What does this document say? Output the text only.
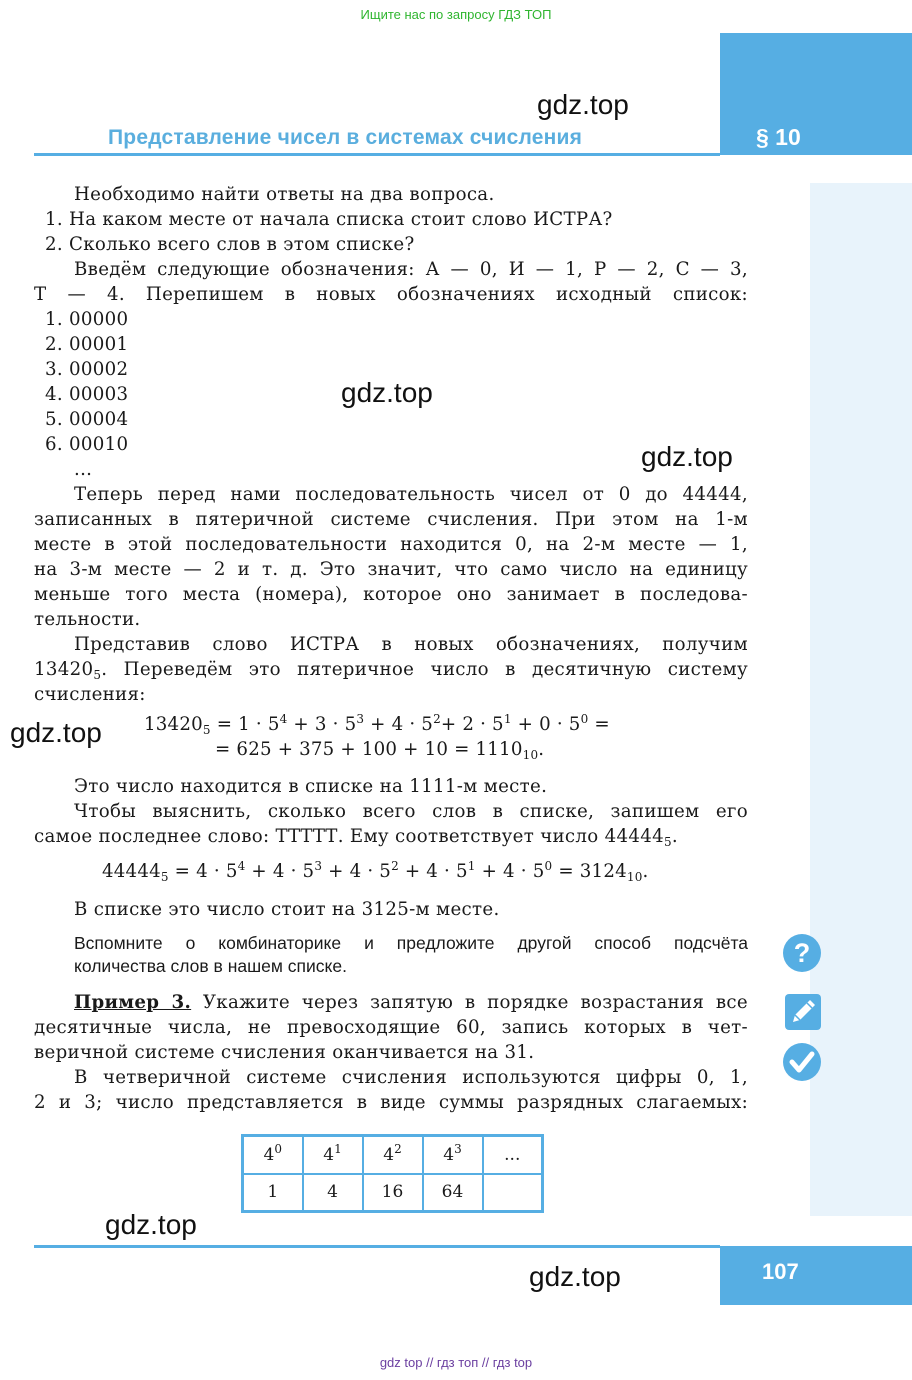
Ищите нас по запросу ГДЗ ТОП
§ 10
Представление чисел в системах счисления
gdz.top
gdz.top
gdz.top
gdz.top
gdz.top
gdz.top
Необходимо найти ответы на два вопроса.
1. На каком месте от начала списка стоит слово ИСТРА?
2. Сколько всего слов в этом списке?
Введём следующие обозначения: А — 0, И — 1, Р — 2, С — 3,
Т — 4. Перепишем в новых обозначениях исходный список:
1. 00000
2. 00001
3. 00002
4. 00003
5. 00004
6. 00010
...
Теперь перед нами последовательность чисел от 0 до 44444,
записанных в пятеричной системе счисления. При этом на 1-м
месте в этой последовательности находится 0, на 2-м месте — 1,
на 3-м месте — 2 и т. д. Это значит, что само число на единицу
меньше того места (номера), которое оно занимает в последова-
тельности.
Представив слово ИСТРА в новых обозначениях, получим
$13420_5$. Переведём это пятеричное число в десятичную систему
счисления:
$13420_5 = 1 \cdot 5^4 + 3 \cdot 5^3 + 4 \cdot 5^2+ 2 \cdot 5^1 + 0 \cdot 5^0$ =
= $625 + 375 + 100 + 10 = 1110_{10}$.
Это число находится в списке на 1111-м месте.
Чтобы выяснить, сколько всего слов в списке, запишем его
самое последнее слово: ТТТТТ. Ему соответствует число $44444_5$.
$44444_5 = 4 \cdot 5^4 + 4 \cdot 5^3 + 4 \cdot 5^2 + 4 \cdot 5^1 + 4 \cdot 5^0 = 3124_{10}$.
В списке это число стоит на 3125-м месте.
Вспомните о комбинаторике и предложите другой способ подсчёта
количества слов в нашем списке.
Пример 3. Укажите через запятую в порядке возрастания все
десятичные числа, не превосходящие 60, запись которых в чет-
веричной системе счисления оканчивается на 31.
В четверичной системе счисления используются цифры 0, 1,
2 и 3; число представляется в виде суммы разрядных слагаемых:
?
$4^0$	$4^1$	$4^2$	$4^3$	...
1	4	16	64	
107
gdz top // гдз топ // гдз top
